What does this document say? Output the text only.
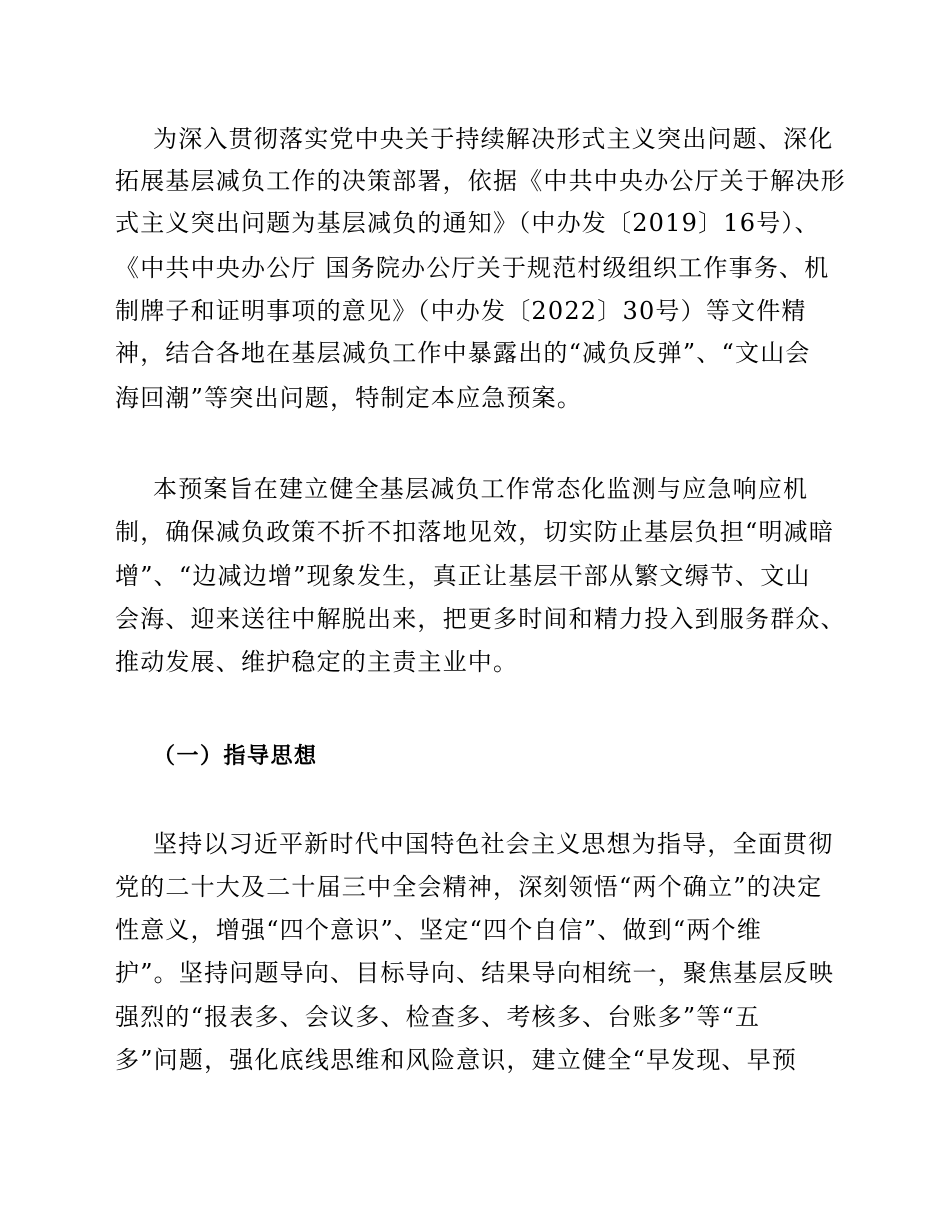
为深入贯彻落实党中央关于持续解决形式主义突出问题、深化
拓展基层减负工作的决策部署，依据《中共中央办公厅关于解决形
式主义突出问题为基层减负的通知》（中办发〔2019〕16号）、
《中共中央办公厅 国务院办公厅关于规范村级组织工作事务、机
制牌子和证明事项的意见》（中办发〔2022〕30号）等文件精
神，结合各地在基层减负工作中暴露出的“减负反弹”、“文山会
海回潮”等突出问题，特制定本应急预案。
本预案旨在建立健全基层减负工作常态化监测与应急响应机
制，确保减负政策不折不扣落地见效，切实防止基层负担“明减暗
增”、“边减边增”现象发生，真正让基层干部从繁文缛节、文山
会海、迎来送往中解脱出来，把更多时间和精力投入到服务群众、
推动发展、维护稳定的主责主业中。
（一）指导思想
坚持以习近平新时代中国特色社会主义思想为指导，全面贯彻
党的二十大及二十届三中全会精神，深刻领悟“两个确立”的决定
性意义，增强“四个意识”、坚定“四个自信”、做到“两个维
护”。坚持问题导向、目标导向、结果导向相统一，聚焦基层反映
强烈的“报表多、会议多、检查多、考核多、台账多”等“五
多”问题，强化底线思维和风险意识，建立健全“早发现、早预
